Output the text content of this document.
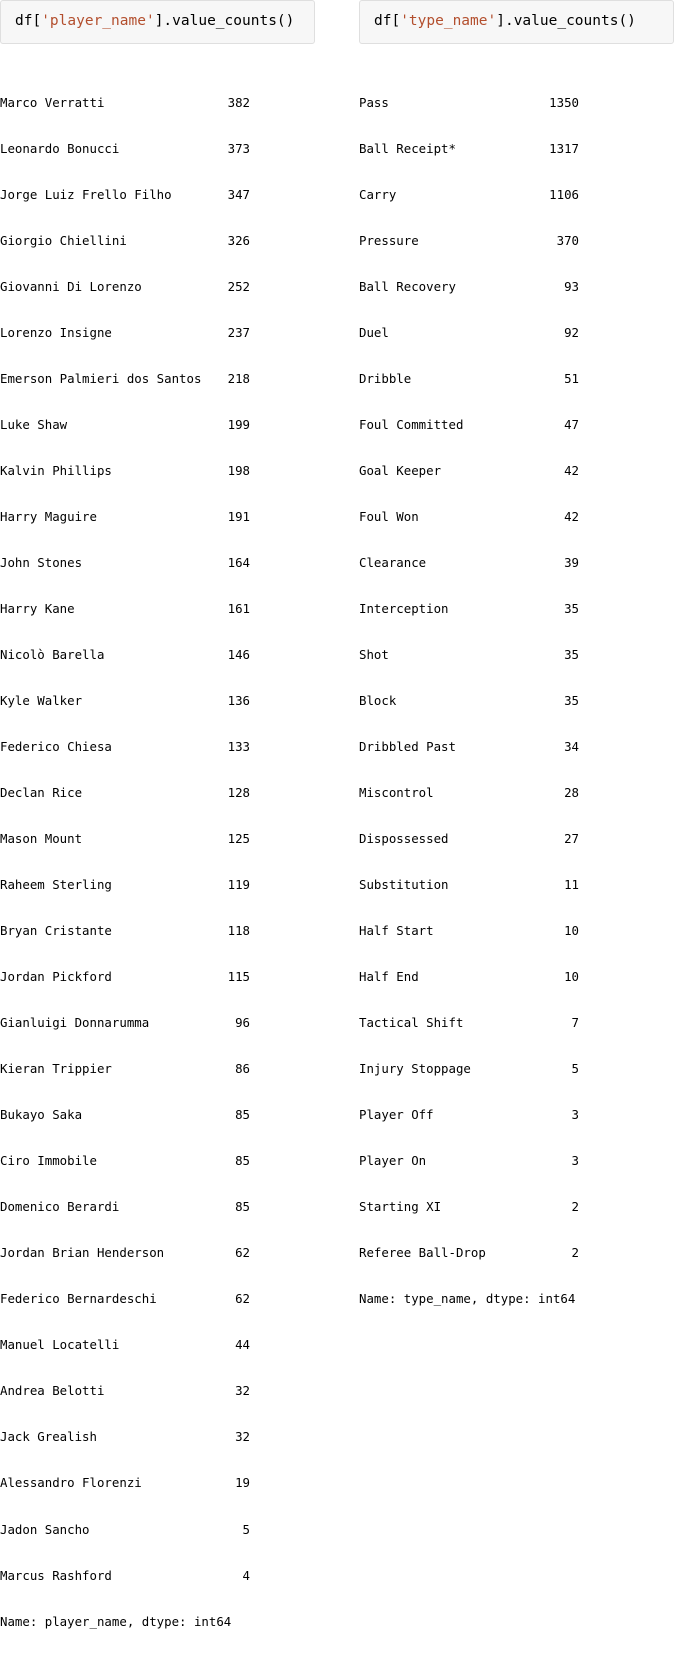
df['player_name'].value_counts()

Marco Verratti	382

Leonardo Bonucci	373

Jorge Luiz Frello Filho	347

Giorgio Chiellini	326

Giovanni Di Lorenzo	252

Lorenzo Insigne	237

Emerson Palmieri dos Santos	218

Luke Shaw	199

Kalvin Phillips	198

Harry Maguire	191

John Stones	164

Harry Kane	161

Nicolò Barella	146

Kyle Walker	136

Federico Chiesa	133

Declan Rice	128

Mason Mount	125

Raheem Sterling	119

Bryan Cristante	118

Jordan Pickford	115

Gianluigi Donnarumma	96

Kieran Trippier	86

Bukayo Saka	85

Ciro Immobile	85

Domenico Berardi	85

Jordan Brian Henderson	62

Federico Bernardeschi	62

Manuel Locatelli	44

Andrea Belotti	32

Jack Grealish	32

Alessandro Florenzi	19

Jadon Sancho	5

Marcus Rashford	4

Name: player_name, dtype: int64

df['type_name'].value_counts()

Pass	1350

Ball Receipt*	1317

Carry	1106

Pressure	370

Ball Recovery	93

Duel	92

Dribble	51

Foul Committed	47

Goal Keeper	42

Foul Won	42

Clearance	39

Interception	35

Shot	35

Block	35

Dribbled Past	34

Miscontrol	28

Dispossessed	27

Substitution	11

Half Start	10

Half End	10

Tactical Shift	7

Injury Stoppage	5

Player Off	3

Player On	3

Starting XI	2

Referee Ball-Drop	2

Name: type_name, dtype: int64
